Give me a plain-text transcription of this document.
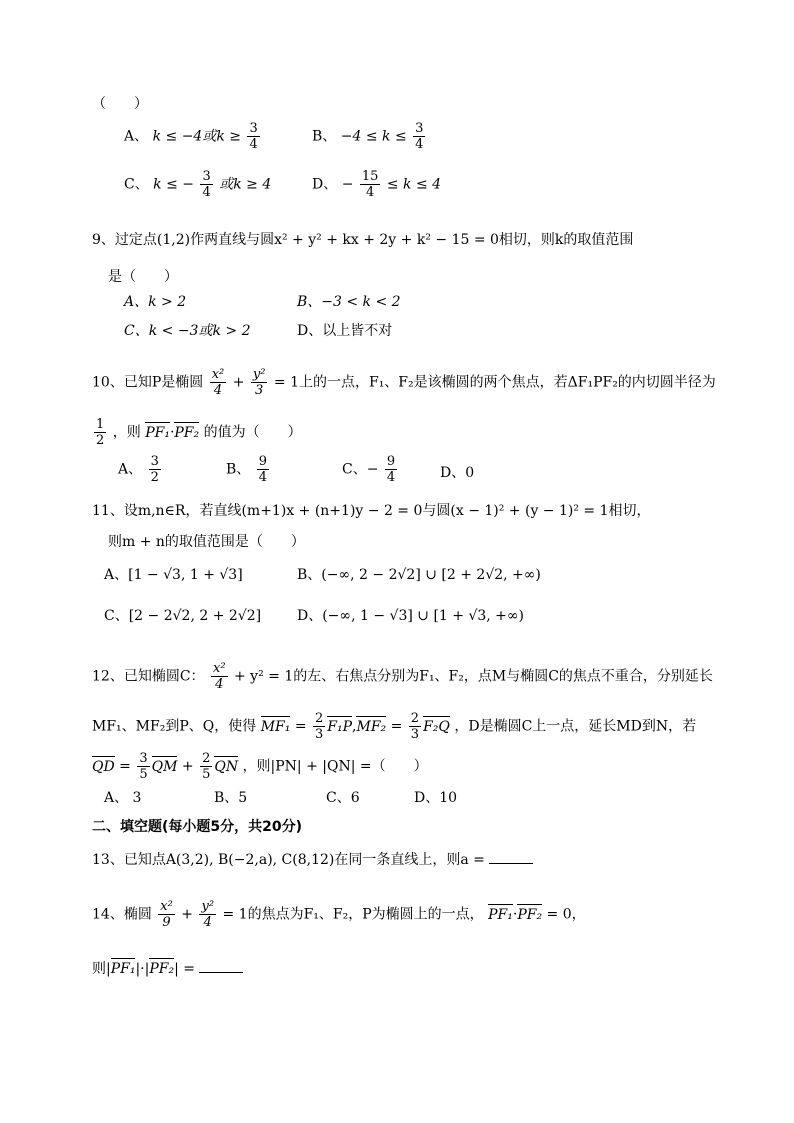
（　　）
A、 k ≤ −4或$k \ge \frac{3}{4}$	B、 $-4 \le k \le \frac{3}{4}$
C、 k ≤ − $\frac{3}{4}$ 或k ≥ 4	D、 − $\frac{15}{4} \le k \le 4$
9、过定点(1,2)作两直线与圆x² + y² + kx + 2y + k² − 15 = 0相切，则k的取值范围
是（　　）
A、k > 2	B、−3 < k < 2
C、k < −3或k > 2	D、以上皆不对
10、已知P是椭圆 $\frac{\text{x²}}{4} + \frac{\text{y²}}{3} = 1$上的一点，F₁、F₂是该椭圆的两个焦点，若ΔF₁PF₂的内切圆半径为
$\frac{1}{2}$ ，则 PF₁·PF₂ 的值为（　　）
A、 $\frac{3}{2}$	B、 $\frac{9}{4}$	C、− $\frac{9}{4}$	D、0
11、设m,n∈R，若直线(m+1)x + (n+1)y − 2 = 0与圆(x − 1)² + (y − 1)² = 1相切，
则m + n的取值范围是（　　）
A、[1 − √3, 1 + √3]	B、(−∞, 2 − 2√2] ∪ [2 + 2√2, +∞)
C、[2 − 2√2, 2 + 2√2]	D、(−∞, 1 − √3] ∪ [1 + √3, +∞)
12、已知椭圆C： $\frac{\text{x²}}{4} + y^2 = 1$的左、右焦点分别为F₁、F₂，点M与椭圆C的焦点不重合，分别延长
MF₁、MF₂到P、Q，使得 $MF_1 = \frac{2}{3} F_1P,MF_2 = \frac{2}{3} F_2Q$ ，D是椭圆C上一点，延长MD到N，若
QD = $\frac{3}{5}$ QM + $\frac{2}{5}$ QN ，则|PN| + |QN| =（　　）
A、 3	B、5	C、6	D、10
二、填空题(每小题5分，共20分)
13、已知点A(3,2), B(−2,a), C(8,12)在同一条直线上，则a =
14、椭圆 $\frac{\text{x²}}{9} + \frac{\text{y²}}{4} = 1$的焦点为F₁、F₂，P为椭圆上的一点， PF₁·PF₂ = 0，
则|PF₁|·|PF₂| =
